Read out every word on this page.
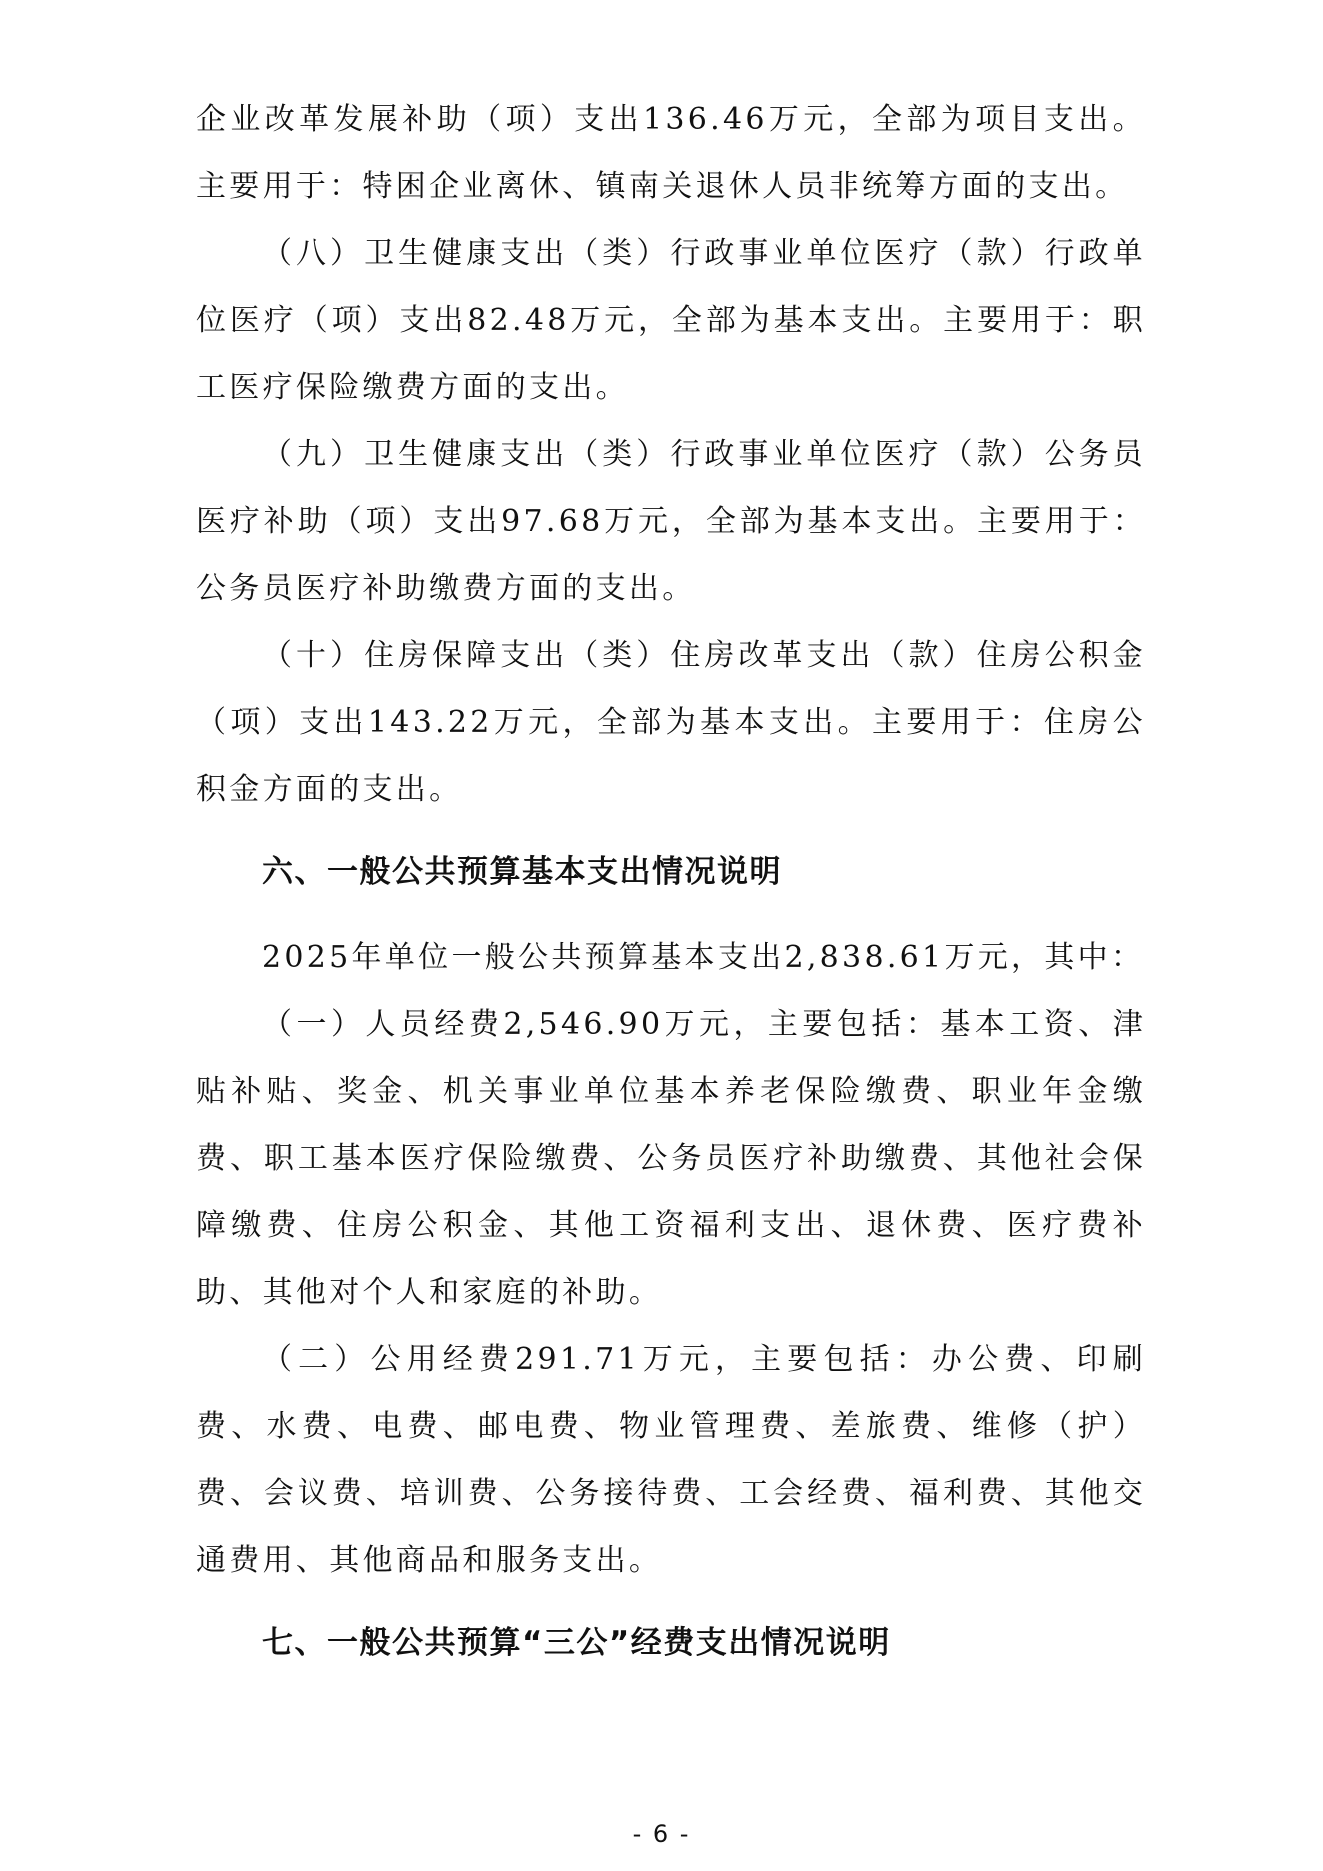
企业改革发展补助（项）支出136.46万元，全部为项目支出。主要用于：特困企业离休、镇南关退休人员非统筹方面的支出。

（八）卫生健康支出（类）行政事业单位医疗（款）行政单位医疗（项）支出82.48万元，全部为基本支出。主要用于：职工医疗保险缴费方面的支出。

（九）卫生健康支出（类）行政事业单位医疗（款）公务员医疗补助（项）支出97.68万元，全部为基本支出。主要用于：公务员医疗补助缴费方面的支出。

（十）住房保障支出（类）住房改革支出（款）住房公积金（项）支出143.22万元，全部为基本支出。主要用于：住房公积金方面的支出。

六、一般公共预算基本支出情况说明

2025年单位一般公共预算基本支出2,838.61万元，其中：

（一）人员经费2,546.90万元，主要包括：基本工资、津贴补贴、奖金、机关事业单位基本养老保险缴费、职业年金缴费、职工基本医疗保险缴费、公务员医疗补助缴费、其他社会保障缴费、住房公积金、其他工资福利支出、退休费、医疗费补助、其他对个人和家庭的补助。

（二）公用经费291.71万元，主要包括：办公费、印刷费、水费、电费、邮电费、物业管理费、差旅费、维修（护）费、会议费、培训费、公务接待费、工会经费、福利费、其他交通费用、其他商品和服务支出。

七、一般公共预算“三公”经费支出情况说明
- 6 -
